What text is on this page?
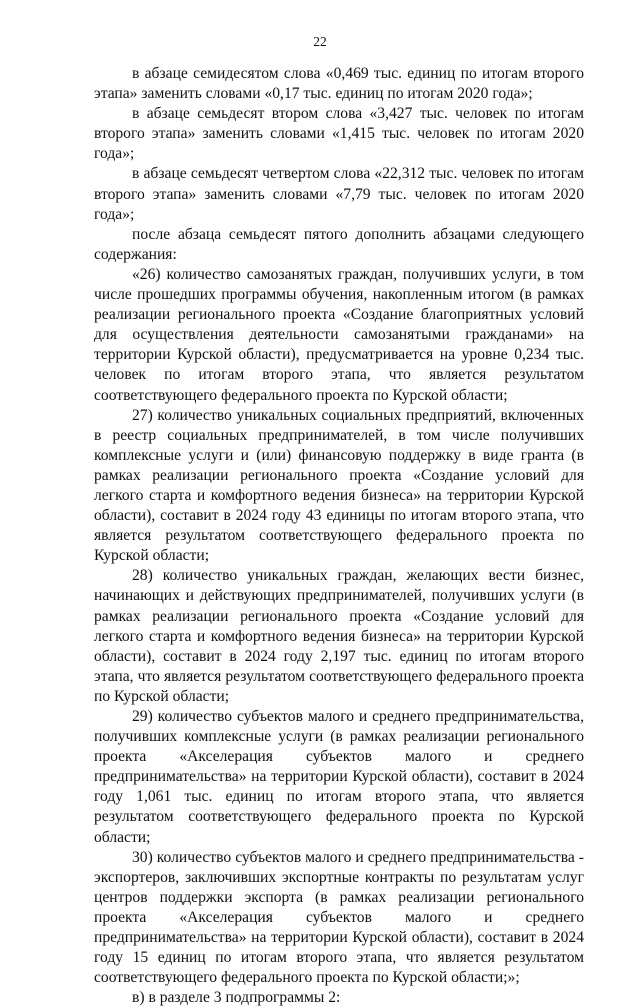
22

в абзаце семидесятом слова «0,469 тыс. единиц по итогам второго этапа» заменить словами «0,17 тыс. единиц по итогам 2020 года»;

в абзаце семьдесят втором слова «3,427 тыс. человек по итогам второго этапа» заменить словами «1,415 тыс. человек по итогам 2020 года»;

в абзаце семьдесят четвертом слова «22,312 тыс. человек по итогам второго этапа» заменить словами «7,79 тыс. человек по итогам 2020 года»;

после абзаца семьдесят пятого дополнить абзацами следующего содержания:

«26) количество самозанятых граждан, получивших услуги, в том числе прошедших программы обучения, накопленным итогом (в рамках реализации регионального проекта «Создание благоприятных условий для осуществления деятельности самозанятыми гражданами» на территории Курской области), предусматривается на уровне 0,234 тыс. человек по итогам второго этапа, что является результатом соответствующего федерального проекта по Курской области;

27) количество уникальных социальных предприятий, включенных в реестр социальных предпринимателей, в том числе получивших комплексные услуги и (или) финансовую поддержку в виде гранта (в рамках реализации регионального проекта «Создание условий для легкого старта и комфортного ведения бизнеса» на территории Курской области), составит в 2024 году 43 единицы по итогам второго этапа, что является результатом соответствующего федерального проекта по Курской области;

28) количество уникальных граждан, желающих вести бизнес, начинающих и действующих предпринимателей, получивших услуги (в рамках реализации регионального проекта «Создание условий для легкого старта и комфортного ведения бизнеса» на территории Курской области), составит в 2024 году 2,197 тыс. единиц по итогам второго этапа, что является результатом соответствующего федерального проекта по Курской области;

29) количество субъектов малого и среднего предпринимательства, получивших комплексные услуги (в рамках реализации регионального проекта «Акселерация субъектов малого и среднего предпринимательства» на территории Курской области), составит в 2024 году 1,061 тыс. единиц по итогам второго этапа, что является результатом соответствующего федерального проекта по Курской области;

30) количество субъектов малого и среднего предпринимательства - экспортеров, заключивших экспортные контракты по результатам услуг центров поддержки экспорта (в рамках реализации регионального проекта «Акселерация субъектов малого и среднего предпринимательства» на территории Курской области), составит в 2024 году 15 единиц по итогам второго этапа, что является результатом соответствующего федерального проекта по Курской области;»;

в) в разделе 3 подпрограммы 2:
